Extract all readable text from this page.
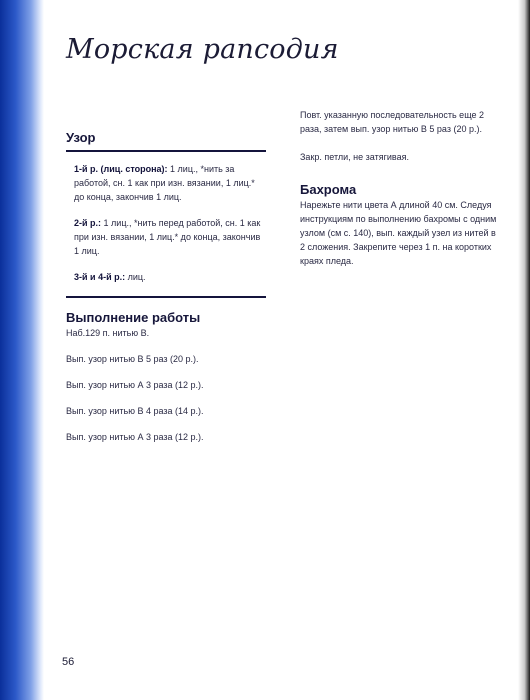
Морская рапсодия
Узор

1-й р. (лиц. сторона): 1 лиц., *нить за работой, сн. 1 как при изн. вязании, 1 лиц.* до конца, закончив 1 лиц.

2-й р.: 1 лиц., *нить перед работой, сн. 1 как при изн. вязании, 1 лиц.* до конца, закончив 1 лиц.

3-й и 4-й р.: лиц.

Выполнение работы

Наб.129 п. нитью В.

Вып. узор нитью В 5 раз (20 р.).

Вып. узор нитью А 3 раза (12 р.).

Вып. узор нитью В 4 раза (14 р.).

Вып. узор нитью А 3 раза (12 р.).

Повт. указанную последовательность еще 2 раза, затем вып. узор нитью В 5 раз (20 р.).

Закр. петли, не затягивая.

Бахрома

Нарежьте нити цвета А длиной 40 см. Следуя инструкциям по выполнению бахромы с одним узлом (см с. 140), вып. каждый узел из нитей в 2 сложения. Закрепите через 1 п. на коротких краях пледа.

56
